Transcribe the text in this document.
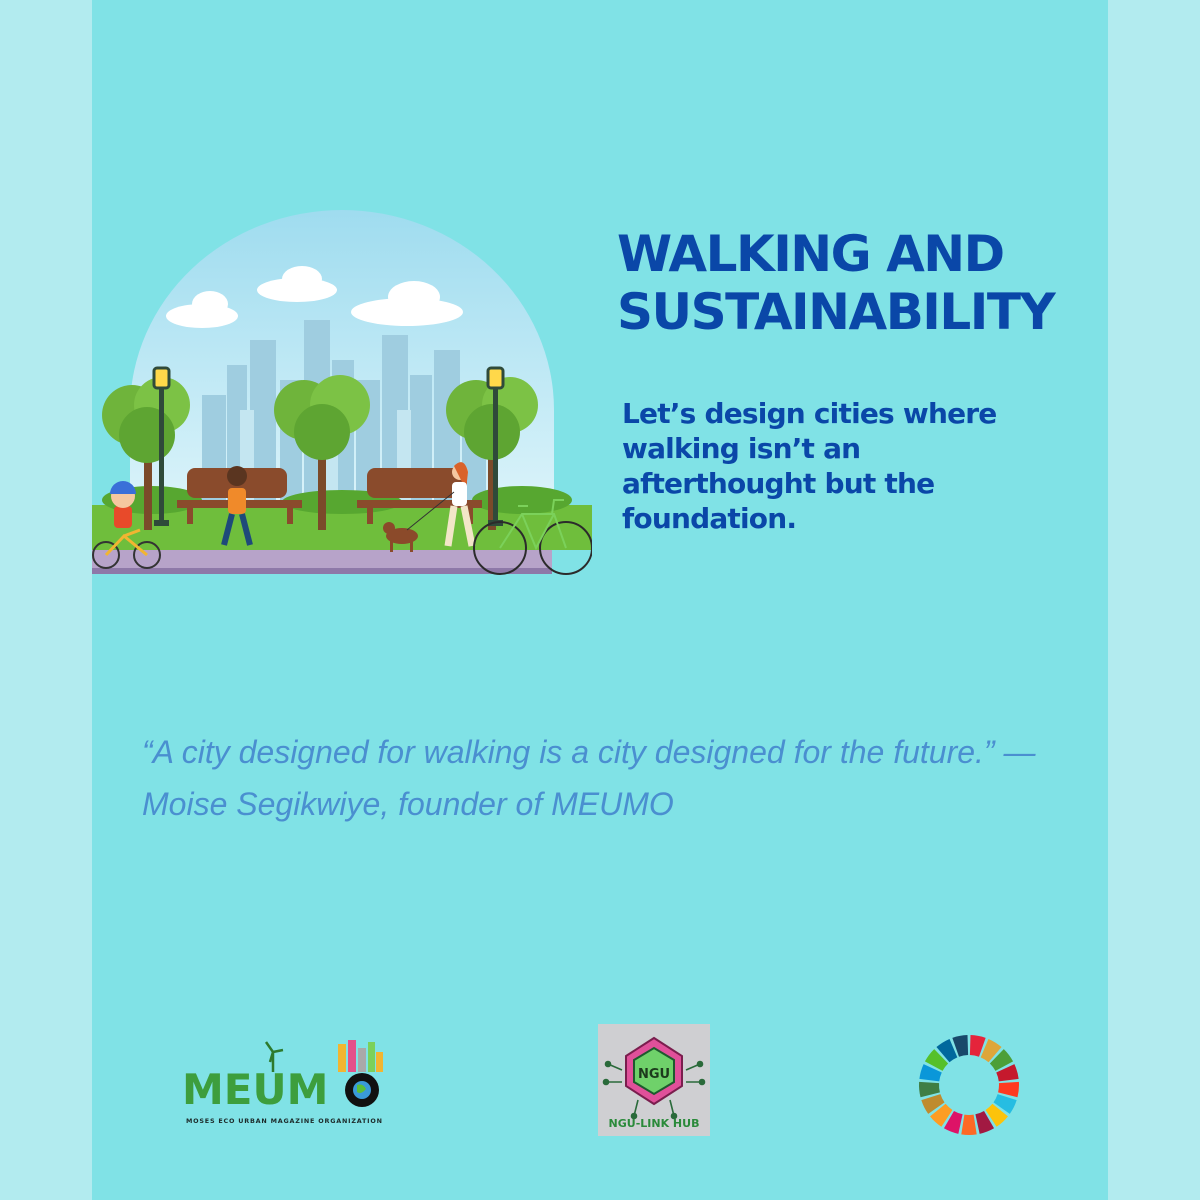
WALKING AND
SUSTAINABILITY

Let’s design cities where walking isn’t an afterthought but the foundation.

“A city designed for walking is a city designed for the future.” —Moise Segikwiye, founder of MEUMO

MEUM
MOSES ECO URBAN MAGAZINE ORGANIZATION
NGU
NGU-LINK HUB
